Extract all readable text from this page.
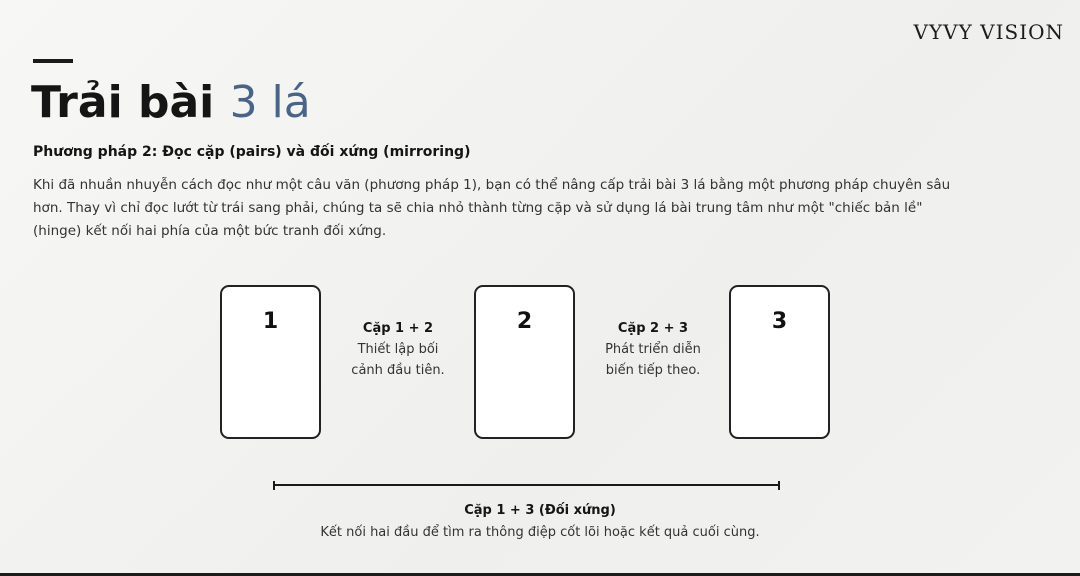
VYVY VISION
Trải bài 3 lá
Phương pháp 2: Đọc cặp (pairs) và đối xứng (mirroring)
Khi đã nhuần nhuyễn cách đọc như một câu văn (phương pháp 1), bạn có thể nâng cấp trải bài 3 lá bằng một phương pháp chuyên sâu hơn. Thay vì chỉ đọc lướt từ trái sang phải, chúng ta sẽ chia nhỏ thành từng cặp và sử dụng lá bài trung tâm như một "chiếc bản lề" (hinge) kết nối hai phía của một bức tranh đối xứng.
1	Cặp 1 + 2
Thiết lập bối
cảnh đầu tiên.
2	Cặp 2 + 3
Phát triển diễn
biến tiếp theo.
3
Cặp 1 + 3 (Đối xứng)
Kết nối hai đầu để tìm ra thông điệp cốt lõi hoặc kết quả cuối cùng.
